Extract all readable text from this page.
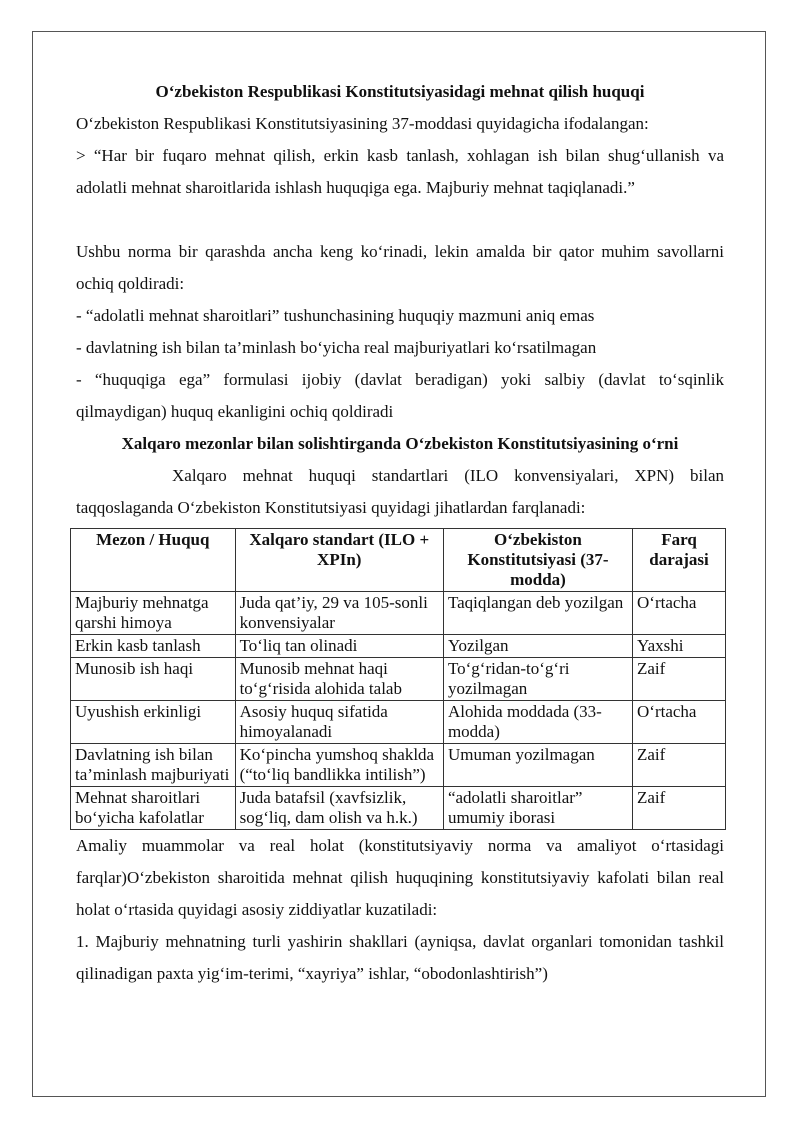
O‘zbekiston Respublikasi Konstitutsiyasidagi mehnat qilish huquqi

O‘zbekiston Respublikasi Konstitutsiyasining 37-moddasi quyidagicha ifodalangan:

> “Har bir fuqaro mehnat qilish, erkin kasb tanlash, xohlagan ish bilan shug‘ullanish va adolatli mehnat sharoitlarida ishlash huquqiga ega. Majburiy mehnat taqiqlanadi.”

Ushbu norma bir qarashda ancha keng ko‘rinadi, lekin amalda bir qator muhim savollarni ochiq qoldiradi:

- “adolatli mehnat sharoitlari” tushunchasining huquqiy mazmuni aniq emas

- davlatning ish bilan ta’minlash bo‘yicha real majburiyatlari ko‘rsatilmagan

- “huquqiga ega” formulasi ijobiy (davlat beradigan) yoki salbiy (davlat to‘sqinlik qilmaydigan) huquq ekanligini ochiq qoldiradi

Xalqaro mezonlar bilan solishtirganda O‘zbekiston Konstitutsiyasining o‘rni

Xalqaro mehnat huquqi standartlari (ILO konvensiyalari, XPN) bilan taqqoslaganda O‘zbekiston Konstitutsiyasi quyidagi jihatlardan farqlanadi:

Mezon / Huquq	Xalqaro standart (ILO + XPIn)	O‘zbekiston Konstitutsiyasi (37-modda)	Farq darajasi
Majburiy mehnatga qarshi himoya	Juda qat’iy, 29 va 105-sonli konvensiyalar	Taqiqlangan deb yozilgan	O‘rtacha
Erkin kasb tanlash	To‘liq tan olinadi	Yozilgan	Yaxshi
Munosib ish haqi	Munosib mehnat haqi to‘g‘risida alohida talab	To‘g‘ridan-to‘g‘ri yozilmagan	Zaif
Uyushish erkinligi	Asosiy huquq sifatida himoyalanadi	Alohida moddada (33-modda)	O‘rtacha
Davlatning ish bilan ta’minlash majburiyati	Ko‘pincha yumshoq shaklda (“to‘liq bandlikka intilish”)	Umuman yozilmagan	Zaif
Mehnat sharoitlari bo‘yicha kafolatlar	Juda batafsil (xavfsizlik, sog‘liq, dam olish va h.k.)	“adolatli sharoitlar” umumiy iborasi	Zaif

Amaliy muammolar va real holat (konstitutsiyaviy norma va amaliyot o‘rtasidagi farqlar)O‘zbekiston sharoitida mehnat qilish huquqining konstitutsiyaviy kafolati bilan real holat o‘rtasida quyidagi asosiy ziddiyatlar kuzatiladi:

1. Majburiy mehnatning turli yashirin shakllari (ayniqsa, davlat organlari tomonidan tashkil qilinadigan paxta yig‘im-terimi, “xayriya” ishlar, “obodonlashtirish”)
